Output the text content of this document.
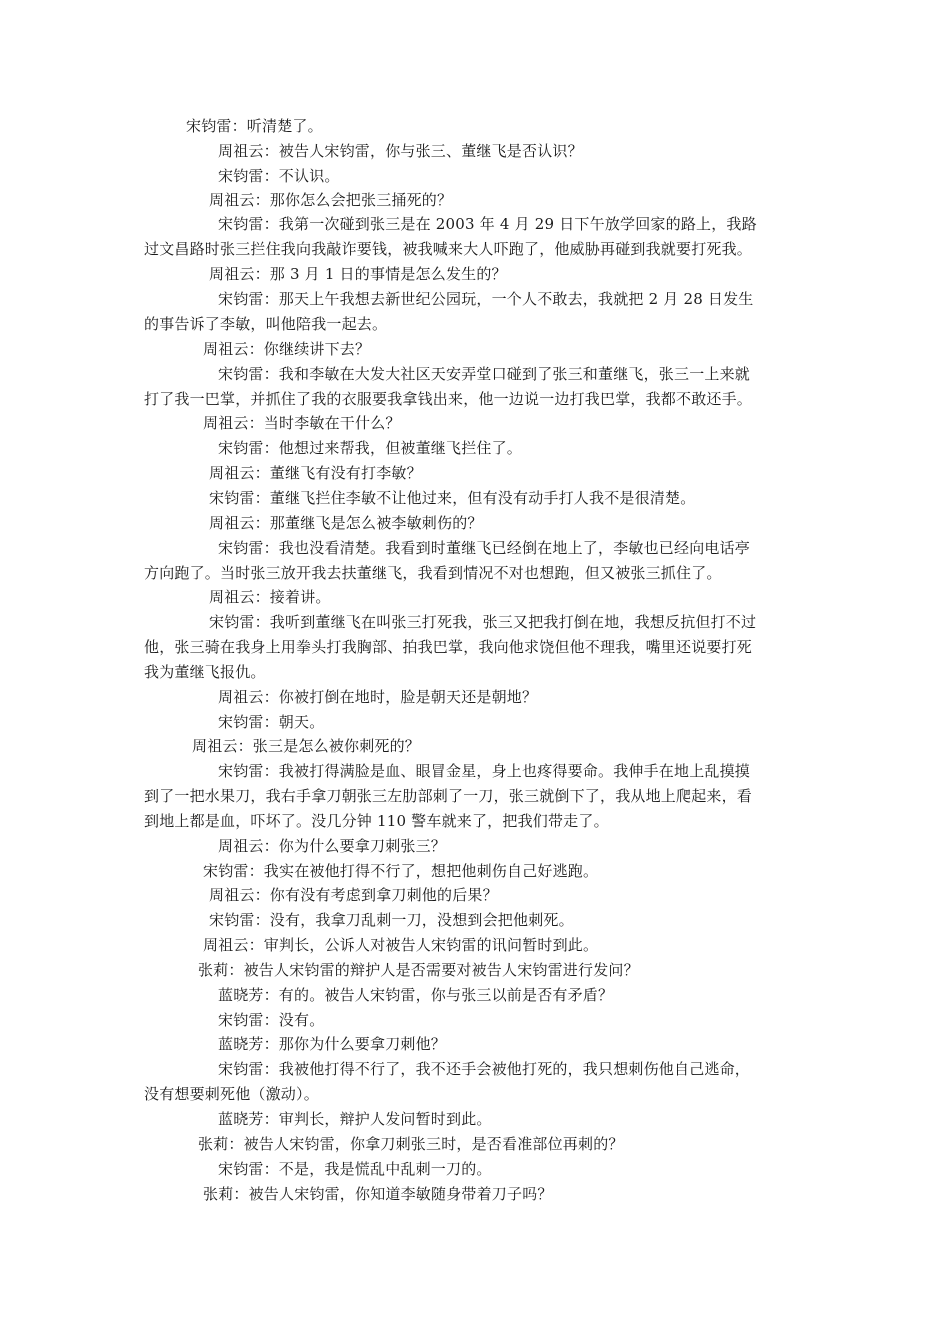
宋钧雷：听清楚了。
周祖云：被告人宋钧雷，你与张三、董继飞是否认识？
宋钧雷：不认识。
周祖云：那你怎么会把张三捅死的？
宋钧雷：我第一次碰到张三是在 2003 年 4 月 29 日下午放学回家的路上，我路
过文昌路时张三拦住我向我敲诈要钱，被我喊来大人吓跑了，他威胁再碰到我就要打死我。
周祖云：那 3 月 1 日的事情是怎么发生的？
宋钧雷：那天上午我想去新世纪公园玩，一个人不敢去，我就把 2 月 28 日发生
的事告诉了李敏，叫他陪我一起去。
周祖云：你继续讲下去？
宋钧雷：我和李敏在大发大社区天安弄堂口碰到了张三和董继飞，张三一上来就
打了我一巴掌，并抓住了我的衣服要我拿钱出来，他一边说一边打我巴掌，我都不敢还手。
周祖云：当时李敏在干什么？
宋钧雷：他想过来帮我，但被董继飞拦住了。
周祖云：董继飞有没有打李敏？
宋钧雷：董继飞拦住李敏不让他过来，但有没有动手打人我不是很清楚。
周祖云：那董继飞是怎么被李敏刺伤的？
宋钧雷：我也没看清楚。我看到时董继飞已经倒在地上了，李敏也已经向电话亭
方向跑了。当时张三放开我去扶董继飞，我看到情况不对也想跑，但又被张三抓住了。
周祖云：接着讲。
宋钧雷：我听到董继飞在叫张三打死我，张三又把我打倒在地，我想反抗但打不过
他，张三骑在我身上用拳头打我胸部、拍我巴掌，我向他求饶但他不理我，嘴里还说要打死
我为董继飞报仇。
周祖云：你被打倒在地时，脸是朝天还是朝地？
宋钧雷：朝天。
周祖云：张三是怎么被你刺死的？
宋钧雷：我被打得满脸是血、眼冒金星，身上也疼得要命。我伸手在地上乱摸摸
到了一把水果刀，我右手拿刀朝张三左肋部刺了一刀，张三就倒下了，我从地上爬起来，看
到地上都是血，吓坏了。没几分钟 110 警车就来了，把我们带走了。
周祖云：你为什么要拿刀刺张三？
宋钧雷：我实在被他打得不行了，想把他刺伤自己好逃跑。
周祖云：你有没有考虑到拿刀刺他的后果？
宋钧雷：没有，我拿刀乱刺一刀，没想到会把他刺死。
周祖云：审判长，公诉人对被告人宋钧雷的讯问暂时到此。
张莉：被告人宋钧雷的辩护人是否需要对被告人宋钧雷进行发问？
蓝晓芳：有的。被告人宋钧雷，你与张三以前是否有矛盾？
宋钧雷：没有。
蓝晓芳：那你为什么要拿刀刺他？
宋钧雷：我被他打得不行了，我不还手会被他打死的，我只想刺伤他自己逃命，
没有想要刺死他（激动）。
蓝晓芳：审判长，辩护人发问暂时到此。
张莉：被告人宋钧雷，你拿刀刺张三时，是否看准部位再刺的？
宋钧雷：不是，我是慌乱中乱刺一刀的。
张莉：被告人宋钧雷，你知道李敏随身带着刀子吗？
